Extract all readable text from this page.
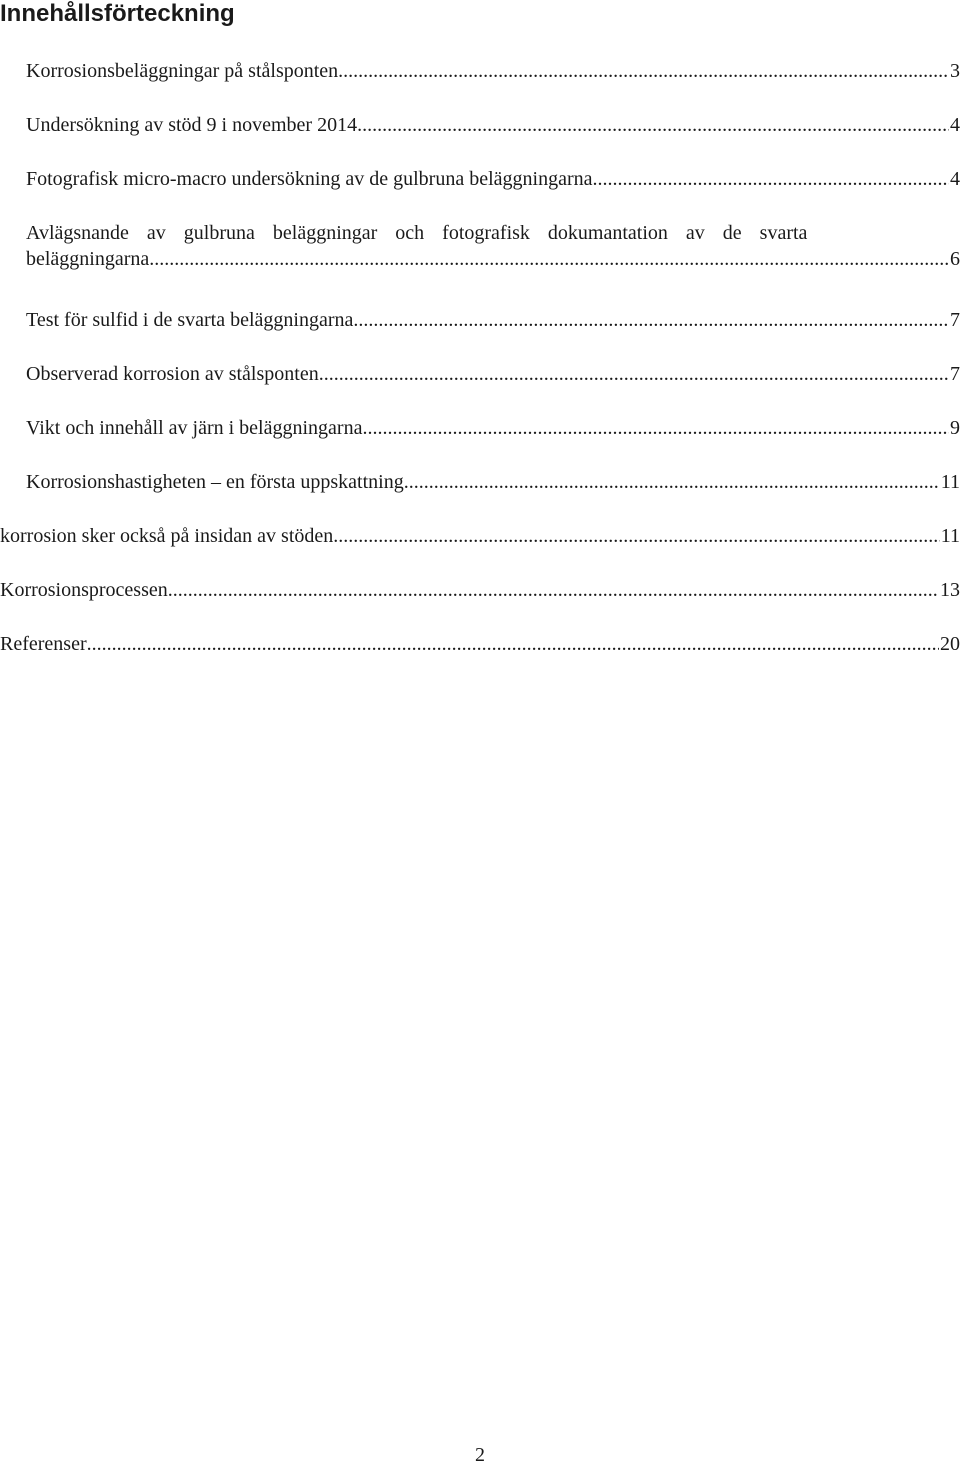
Innehållsförteckning
Korrosionsbeläggningar på stålsponten .....	3
Undersökning av stöd 9 i november 2014. .....	4
Fotografisk micro-macro undersökning av de gulbruna beläggningarna .....	4
Avlägsnande av gulbruna beläggningar och fotografisk dokumantation av de svarta
beläggningarna .....	6
Test för sulfid i de svarta beläggningarna .....	7
Observerad korrosion av stålsponten .....	7
Vikt och innehåll av järn i beläggningarna .....	9
Korrosionshastigheten – en första uppskattning .....	11
korrosion sker också på insidan av stöden .....	11
Korrosionsprocessen .....	13
Referenser .....	20
2
